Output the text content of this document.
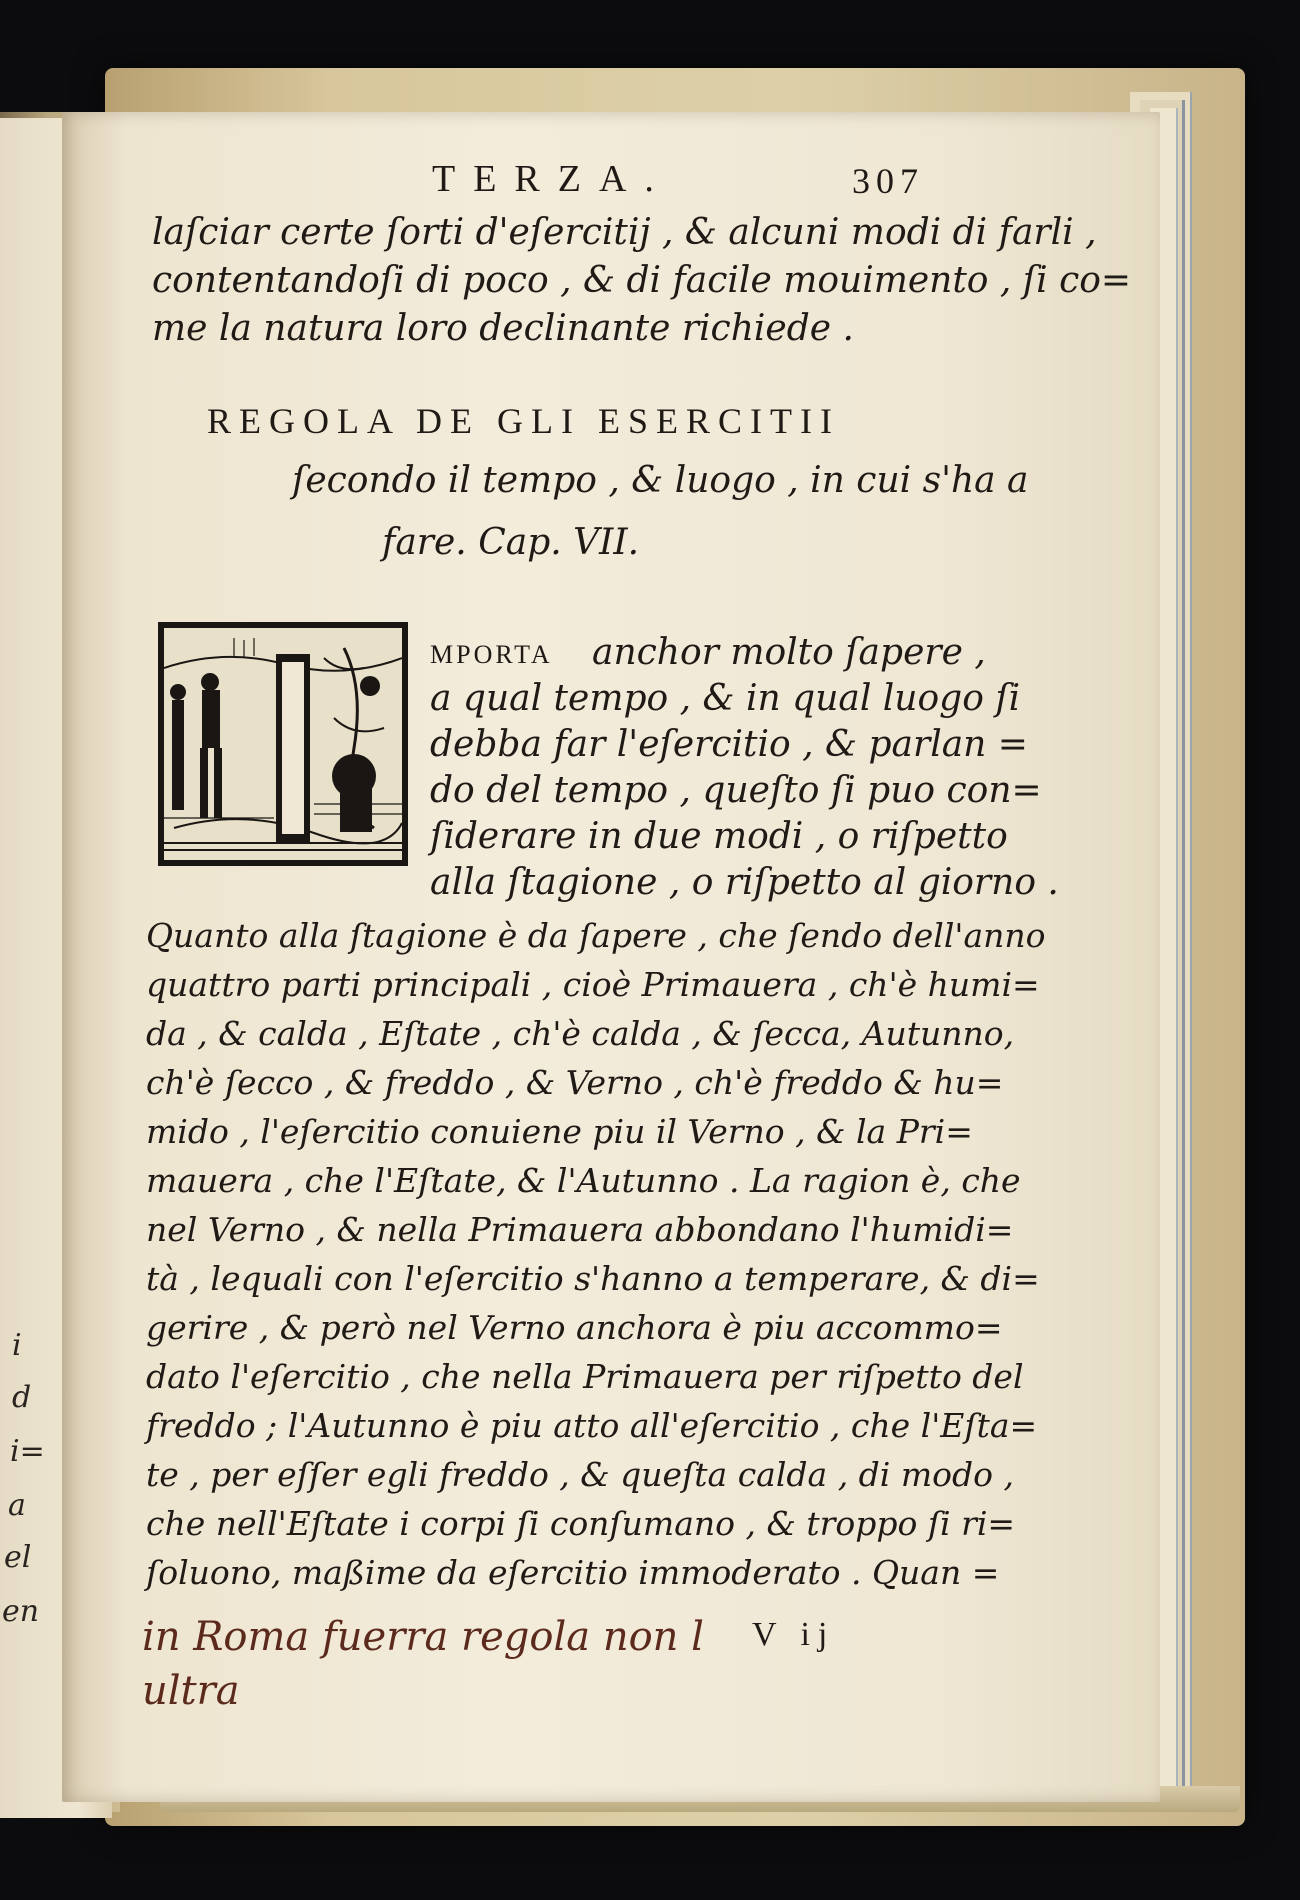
i
d
i=
a
el
en
TERZA.	307
laſciar certe ſorti d'eſercitij , & alcuni modi di farli ,
contentandoſi di poco , & di facile mouimento , ſi co=
me la natura loro declinante richiede .
REGOLA DE GLI ESERCITII
ſecondo il tempo , & luogo , in cui s'ha a
fare. Cap. VII.
MPORTA anchor molto ſapere ,
a qual tempo , & in qual luogo ſi
debba far l'eſercitio , & parlan =
do del tempo , queſto ſi puo con=
ſiderare in due modi , o riſpetto
alla ſtagione , o riſpetto al giorno .
Quanto alla ſtagione è da ſapere , che ſendo dell'anno
quattro parti principali , cioè Primauera , ch'è humi=
da , & calda , Eſtate , ch'è calda , & ſecca, Autunno,
ch'è ſecco , & freddo , & Verno , ch'è freddo & hu=
mido , l'eſercitio conuiene piu il Verno , & la Pri=
mauera , che l'Eſtate, & l'Autunno . La ragion è, che
nel Verno , & nella Primauera abbondano l'humidi=
tà , lequali con l'eſercitio s'hanno a temperare, & di=
gerire , & però nel Verno anchora è piu accommo=
dato l'eſercitio , che nella Primauera per riſpetto del
freddo ; l'Autunno è piu atto all'eſercitio , che l'Eſta=
te , per eſſer egli freddo , & queſta calda , di modo ,
che nell'Eſtate i corpi ſi conſumano , & troppo ſi ri=
ſoluono, maßime da eſercitio immoderato . Quan =
in Roma fuerra regola non l V ij
ultra
